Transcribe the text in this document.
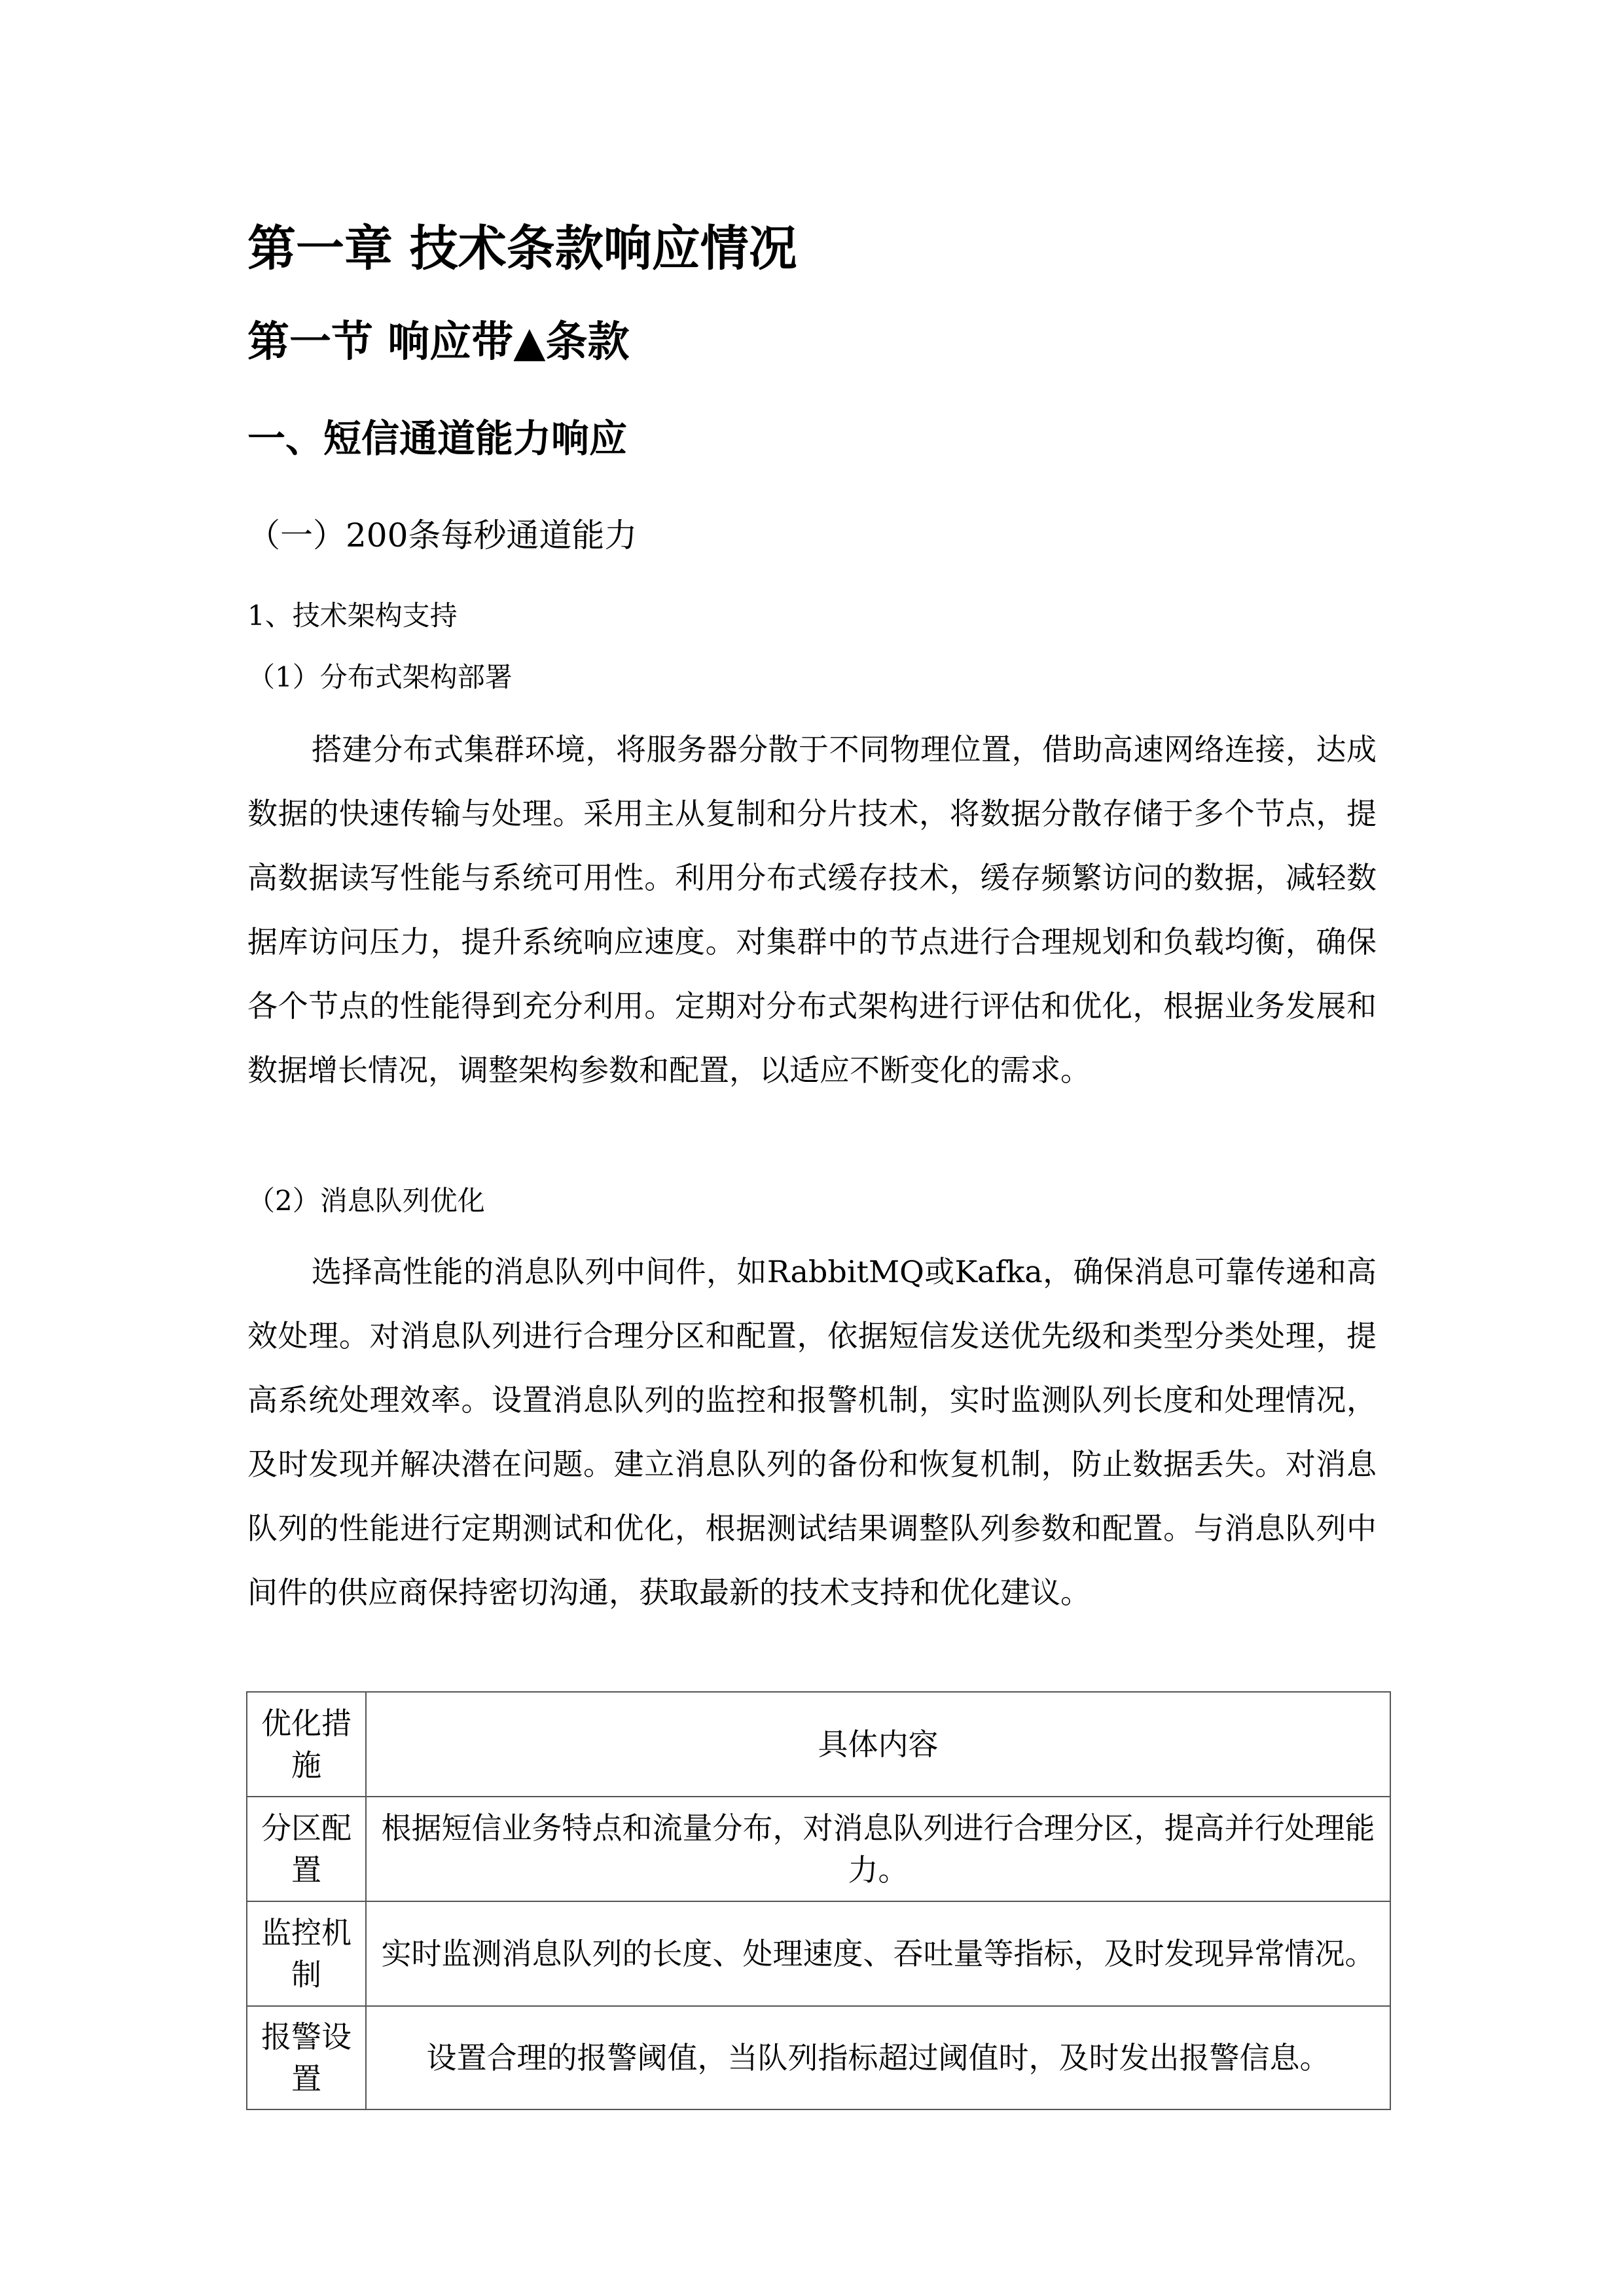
第一章 技术条款响应情况
第一节 响应带▲条款
一、短信通道能力响应
（一）200条每秒通道能力
1、技术架构支持
（1）分布式架构部署

搭建分布式集群环境，将服务器分散于不同物理位置，借助高速网络连接，达成数据的快速传输与处理。采用主从复制和分片技术，将数据分散存储于多个节点，提高数据读写性能与系统可用性。利用分布式缓存技术，缓存频繁访问的数据，减轻数据库访问压力，提升系统响应速度。对集群中的节点进行合理规划和负载均衡，确保各个节点的性能得到充分利用。定期对分布式架构进行评估和优化，根据业务发展和数据增长情况，调整架构参数和配置，以适应不断变化的需求。

（2）消息队列优化

选择高性能的消息队列中间件，如RabbitMQ或Kafka，确保消息可靠传递和高效处理。对消息队列进行合理分区和配置，依据短信发送优先级和类型分类处理，提高系统处理效率。设置消息队列的监控和报警机制，实时监测队列长度和处理情况，及时发现并解决潜在问题。建立消息队列的备份和恢复机制，防止数据丢失。对消息队列的性能进行定期测试和优化，根据测试结果调整队列参数和配置。与消息队列中间件的供应商保持密切沟通，获取最新的技术支持和优化建议。

优化措施	具体内容
分区配置	根据短信业务特点和流量分布，对消息队列进行合理分区，提高并行处理能力。
监控机制	实时监测消息队列的长度、处理速度、吞吐量等指标，及时发现异常情况。
报警设置	设置合理的报警阈值，当队列指标超过阈值时，及时发出报警信息。
